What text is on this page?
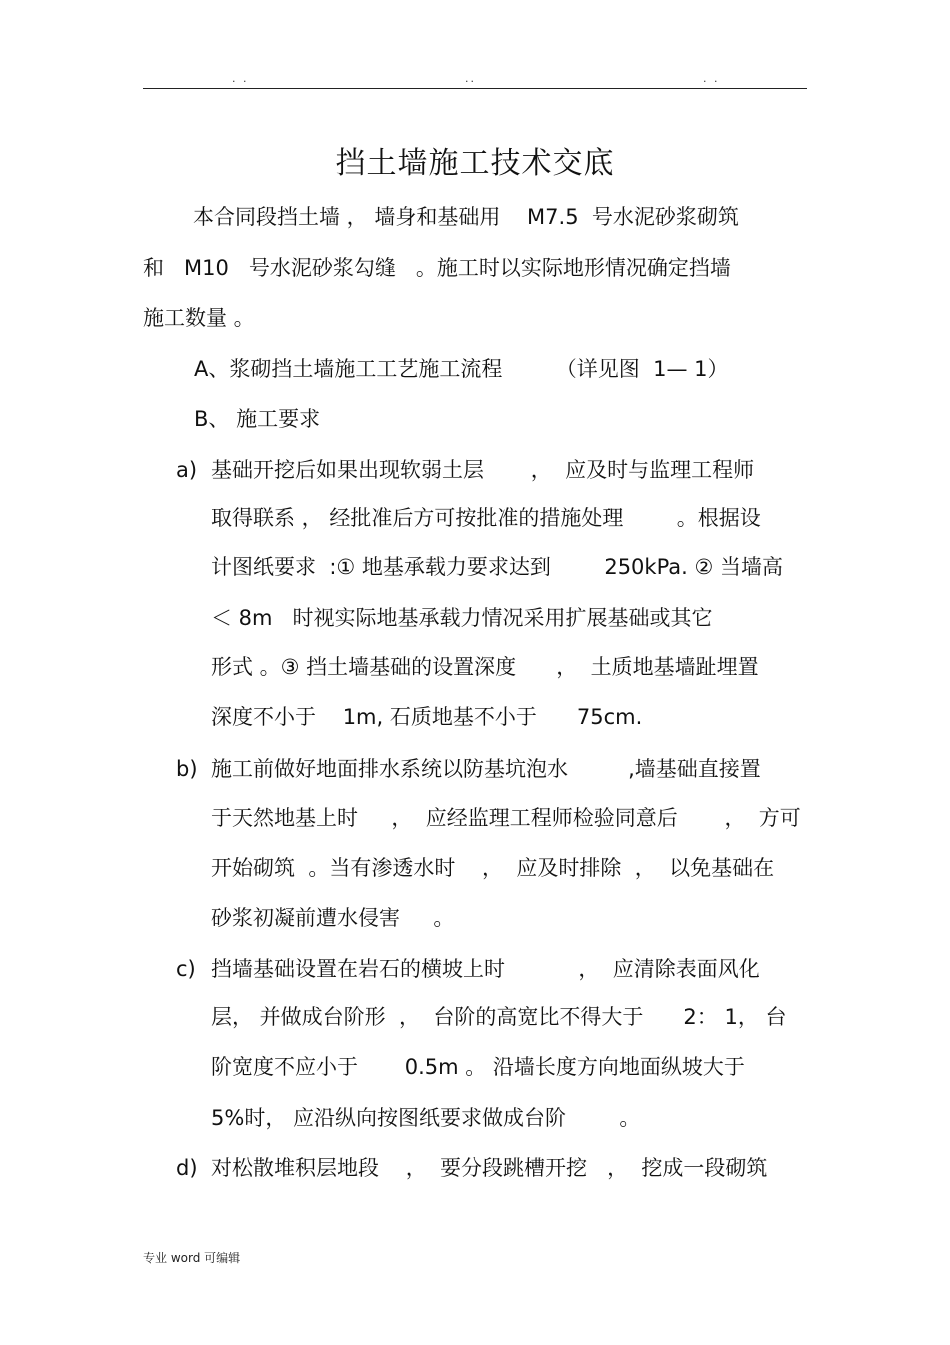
. .	..	. .
挡土墙施工技术交底
本合同段挡土墙 ， 墙身和基础用    M7.5  号水泥砂浆砌筑
和   M10   号水泥砂浆勾缝   。施工时以实际地形情况确定挡墙
施工数量 。
A、浆砌挡土墙施工工艺施工流程        （详见图  1— 1）
B、 施工要求
a) 基础开挖后如果出现软弱土层       ，  应及时与监理工程师
取得联系 ， 经批准后方可按批准的措施处理        。根据设
计图纸要求  :① 地基承载力要求达到        250kPa. ② 当墙高
＜ 8m   时视实际地基承载力情况采用扩展基础或其它
形式 。③ 挡土墙基础的设置深度      ，  土质地基墙趾埋置
深度不小于    1m, 石质地基不小于      75cm.
b) 施工前做好地面排水系统以防基坑泡水         ,墙基础直接置
于天然地基上时     ，  应经监理工程师检验同意后       ，  方可
开始砌筑  。当有渗透水时    ，  应及时排除  ，  以免基础在
砂浆初凝前遭水侵害     。
c) 挡墙基础设置在岩石的横坡上时           ，  应清除表面风化
层， 并做成台阶形  ，  台阶的高宽比不得大于      2： 1， 台
阶宽度不应小于       0.5m 。 沿墙长度方向地面纵坡大于
5%时， 应沿纵向按图纸要求做成台阶        。
d) 对松散堆积层地段    ，  要分段跳槽开挖   ，  挖成一段砌筑
专业 word 可编辑
